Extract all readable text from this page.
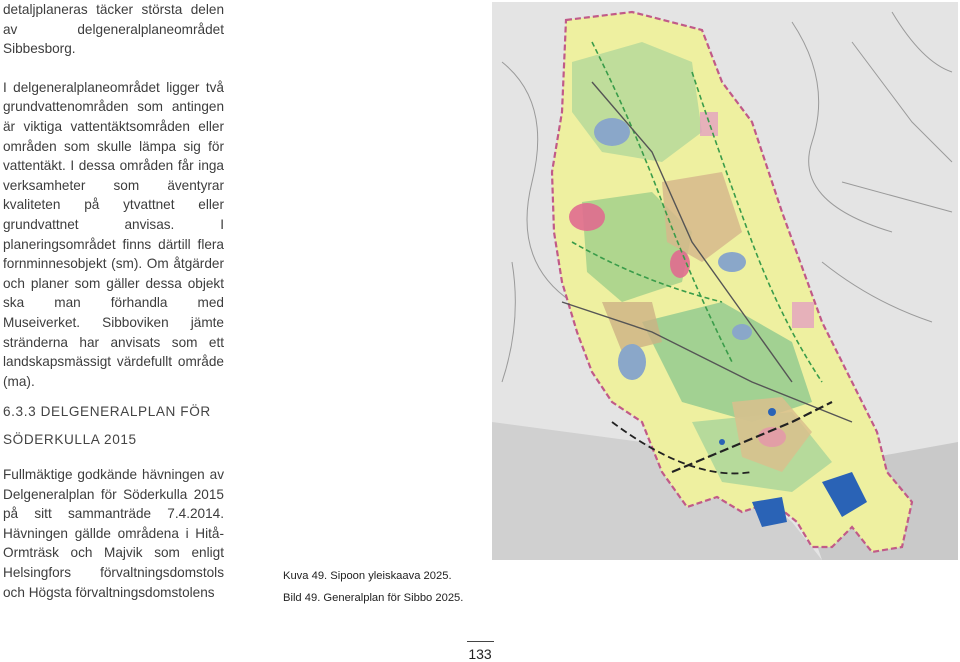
detaljplaneras täcker största delen av delgeneralplaneområdet Sibbesborg.

I delgeneralplaneområdet ligger två grundvattenområden som antingen är viktiga vattentäktsområden eller områden som skulle lämpa sig för vattentäkt. I dessa områden får inga verksamheter som äventyrar kvaliteten på ytvattnet eller grundvattnet anvisas. I planeringsområdet finns därtill flera fornminnesobjekt (sm). Om åtgärder och planer som gäller dessa objekt ska man förhandla med Museiverket. Sibboviken jämte stränderna har anvisats som ett landskapsmässigt värdefullt område (ma).

6.3.3 DELGENERALPLAN FÖR
SÖDERKULLA 2015

Fullmäktige godkände hävningen av Delgeneralplan för Söderkulla 2015 på sitt sammanträde 7.4.2014. Hävningen gällde områdena i Hitå-Ormträsk och Majvik som enligt Helsingfors förvaltningsdomstols och Högsta förvaltningsdomstolens

Kuva 49. Sipoon yleiskaava 2025.
Bild 49. Generalplan för Sibbo 2025.
133
